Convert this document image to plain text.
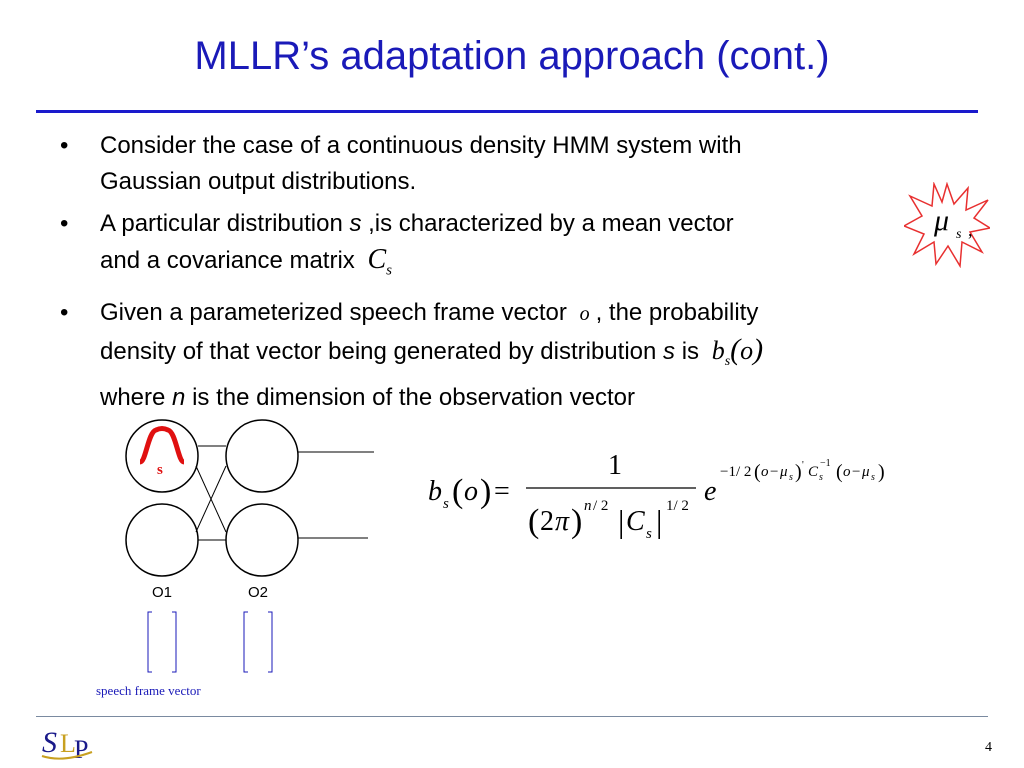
MLLR’s adaptation approach (cont.)
• Consider the case of a continuous density HMM system with
Gaussian output distributions.
• A particular distribution s ,is characterized by a mean vector
and a covariance matrix $C_s$
• Given a parameterized speech frame vector o , the probability
density of that vector being generated by distribution s is $b_s(o)$
where n is the dimension of the observation vector
μ s ,
s
O1	O2
speech frame vector
b s ( o ) =
1
( 2 π ) n / 2 | C s | 1/ 2 e
−1/ 2 ( o − μ s ) ' C s
−1 ( o − μ s )
S L
P	4
